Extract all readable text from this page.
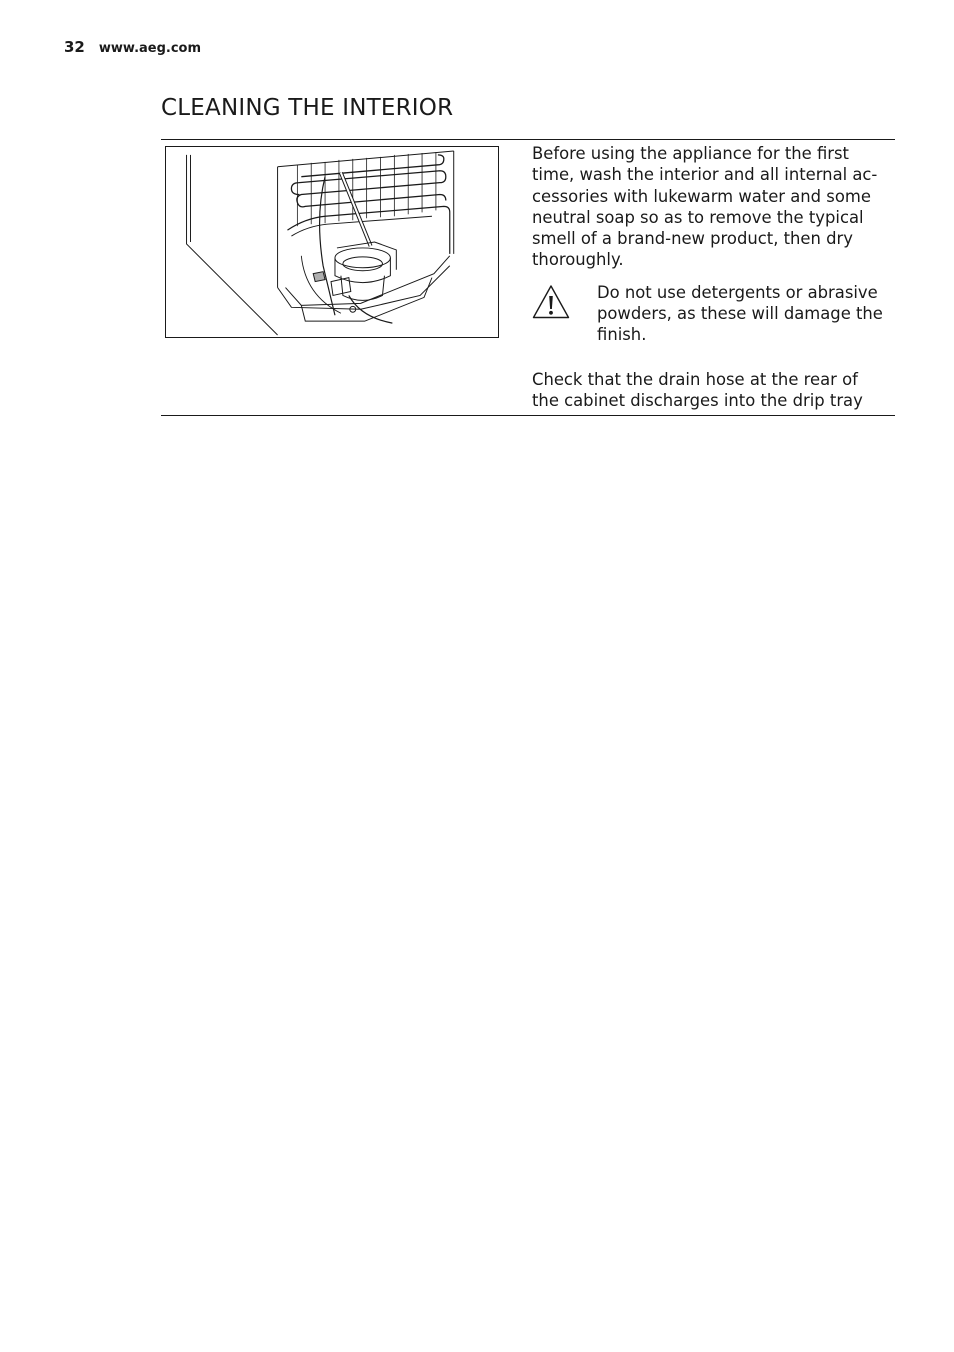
32 www.aeg.com
CLEANING THE INTERIOR

Before using the appliance for the first
time, wash the interior and all internal ac-
cessories with lukewarm water and some
neutral soap so as to remove the typical
smell of a brand-new product, then dry
thoroughly.

Do not use detergents or abrasive
powders, as these will damage the
finish.

Check that the drain hose at the rear of
the cabinet discharges into the drip tray
